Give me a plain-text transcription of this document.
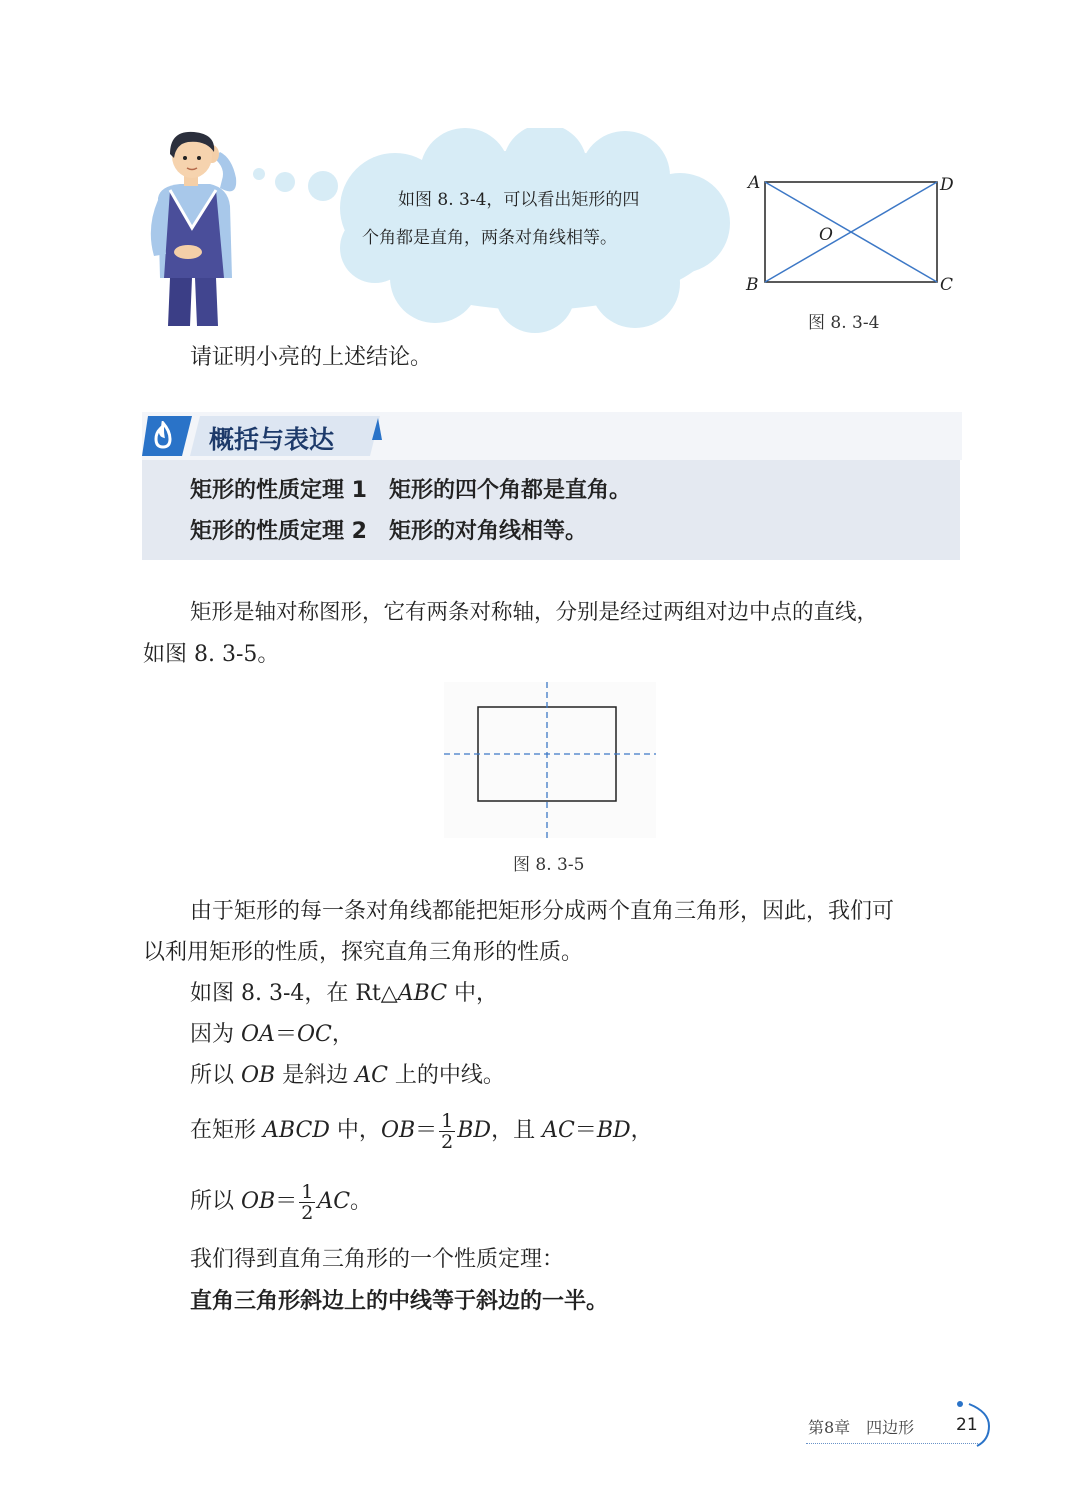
如图 8. 3-4，可以看出矩形的四
个角都是直角，两条对角线相等。
A	D
B	C
O
图 8. 3-4
请证明小亮的上述结论。
概括与表达
矩形的性质定理 1 矩形的四个角都是直角。
矩形的性质定理 2 矩形的对角线相等。
矩形是轴对称图形，它有两条对称轴，分别是经过两组对边中点的直线，
如图 8. 3-5。
图 8. 3-5
由于矩形的每一条对角线都能把矩形分成两个直角三角形，因此，我们可
以利用矩形的性质，探究直角三角形的性质。
如图 8. 3-4，在 Rt△ABC 中，
因为 OA＝OC，
所以 OB 是斜边 AC 上的中线。
在矩形 ABCD 中，$OB= \frac{1}{2}$ BD，且 AC＝BD，
所以 $OB= \frac{1}{2}$ AC。
我们得到直角三角形的一个性质定理：
直角三角形斜边上的中线等于斜边的一半。
第8章　四边形 21
